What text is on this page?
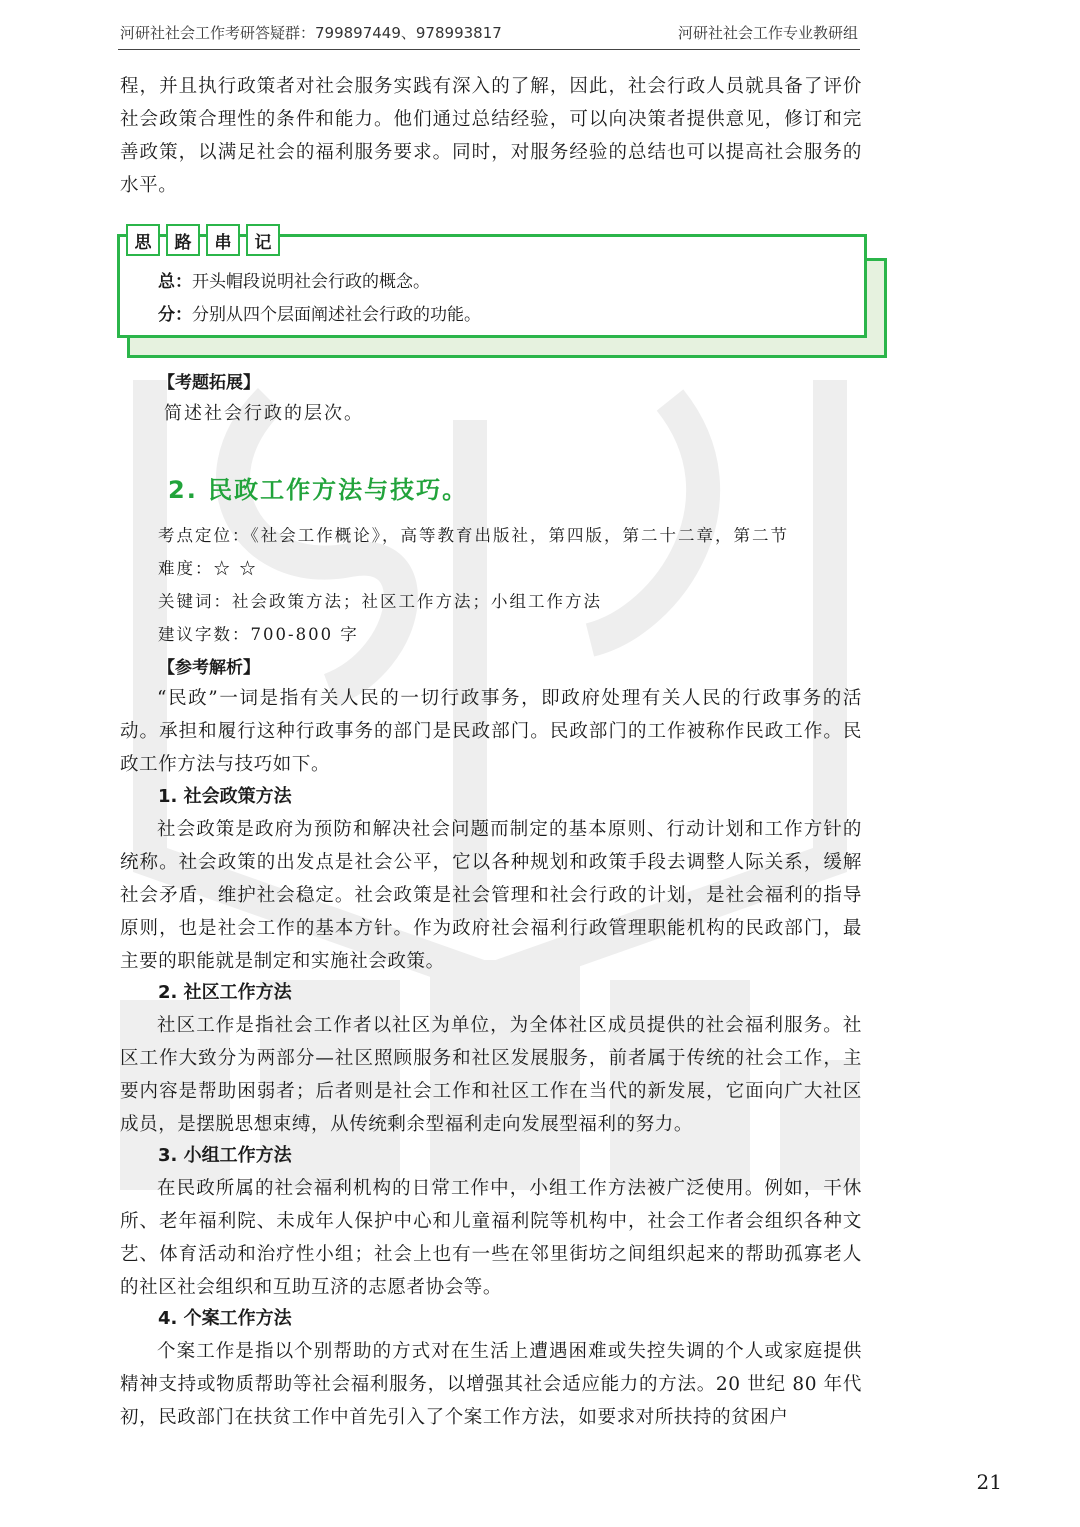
河研社社会工作考研答疑群：799897449、978993817	河研社社会工作专业教研组
程，并且执行政策者对社会服务实践有深入的了解，因此，社会行政人员就具备了评价社会政策合理性的条件和能力。他们通过总结经验，可以向决策者提供意见，修订和完善政策，以满足社会的福利服务要求。同时，对服务经验的总结也可以提高社会服务的水平。
思	路	串	记
总：开头帽段说明社会行政的概念。
分：分别从四个层面阐述社会行政的功能。
【考题拓展】
简述社会行政的层次。
2. 民政工作方法与技巧。
考点定位：《社会工作概论》，高等教育出版社，第四版，第二十二章，第二节
难度：☆ ☆
关键词：社会政策方法；社区工作方法；小组工作方法
建议字数：700-800 字
【参考解析】
“民政”一词是指有关人民的一切行政事务，即政府处理有关人民的行政事务的活动。承担和履行这种行政事务的部门是民政部门。民政部门的工作被称作民政工作。民政工作方法与技巧如下。
1. 社会政策方法
社会政策是政府为预防和解决社会问题而制定的基本原则、行动计划和工作方针的统称。社会政策的出发点是社会公平，它以各种规划和政策手段去调整人际关系，缓解社会矛盾，维护社会稳定。社会政策是社会管理和社会行政的计划，是社会福利的指导原则，也是社会工作的基本方针。作为政府社会福利行政管理职能机构的民政部门，最主要的职能就是制定和实施社会政策。
2. 社区工作方法
社区工作是指社会工作者以社区为单位，为全体社区成员提供的社会福利服务。社区工作大致分为两部分—社区照顾服务和社区发展服务，前者属于传统的社会工作，主要内容是帮助困弱者；后者则是社会工作和社区工作在当代的新发展，它面向广大社区成员，是摆脱思想束缚，从传统剩余型福利走向发展型福利的努力。
3. 小组工作方法
在民政所属的社会福利机构的日常工作中，小组工作方法被广泛使用。例如，干休所、老年福利院、未成年人保护中心和儿童福利院等机构中，社会工作者会组织各种文艺、体育活动和治疗性小组；社会上也有一些在邻里街坊之间组织起来的帮助孤寡老人的社区社会组织和互助互济的志愿者协会等。
4. 个案工作方法
个案工作是指以个别帮助的方式对在生活上遭遇困难或失控失调的个人或家庭提供精神支持或物质帮助等社会福利服务，以增强其社会适应能力的方法。20 世纪 80 年代初，民政部门在扶贫工作中首先引入了个案工作方法，如要求对所扶持的贫困户
21
